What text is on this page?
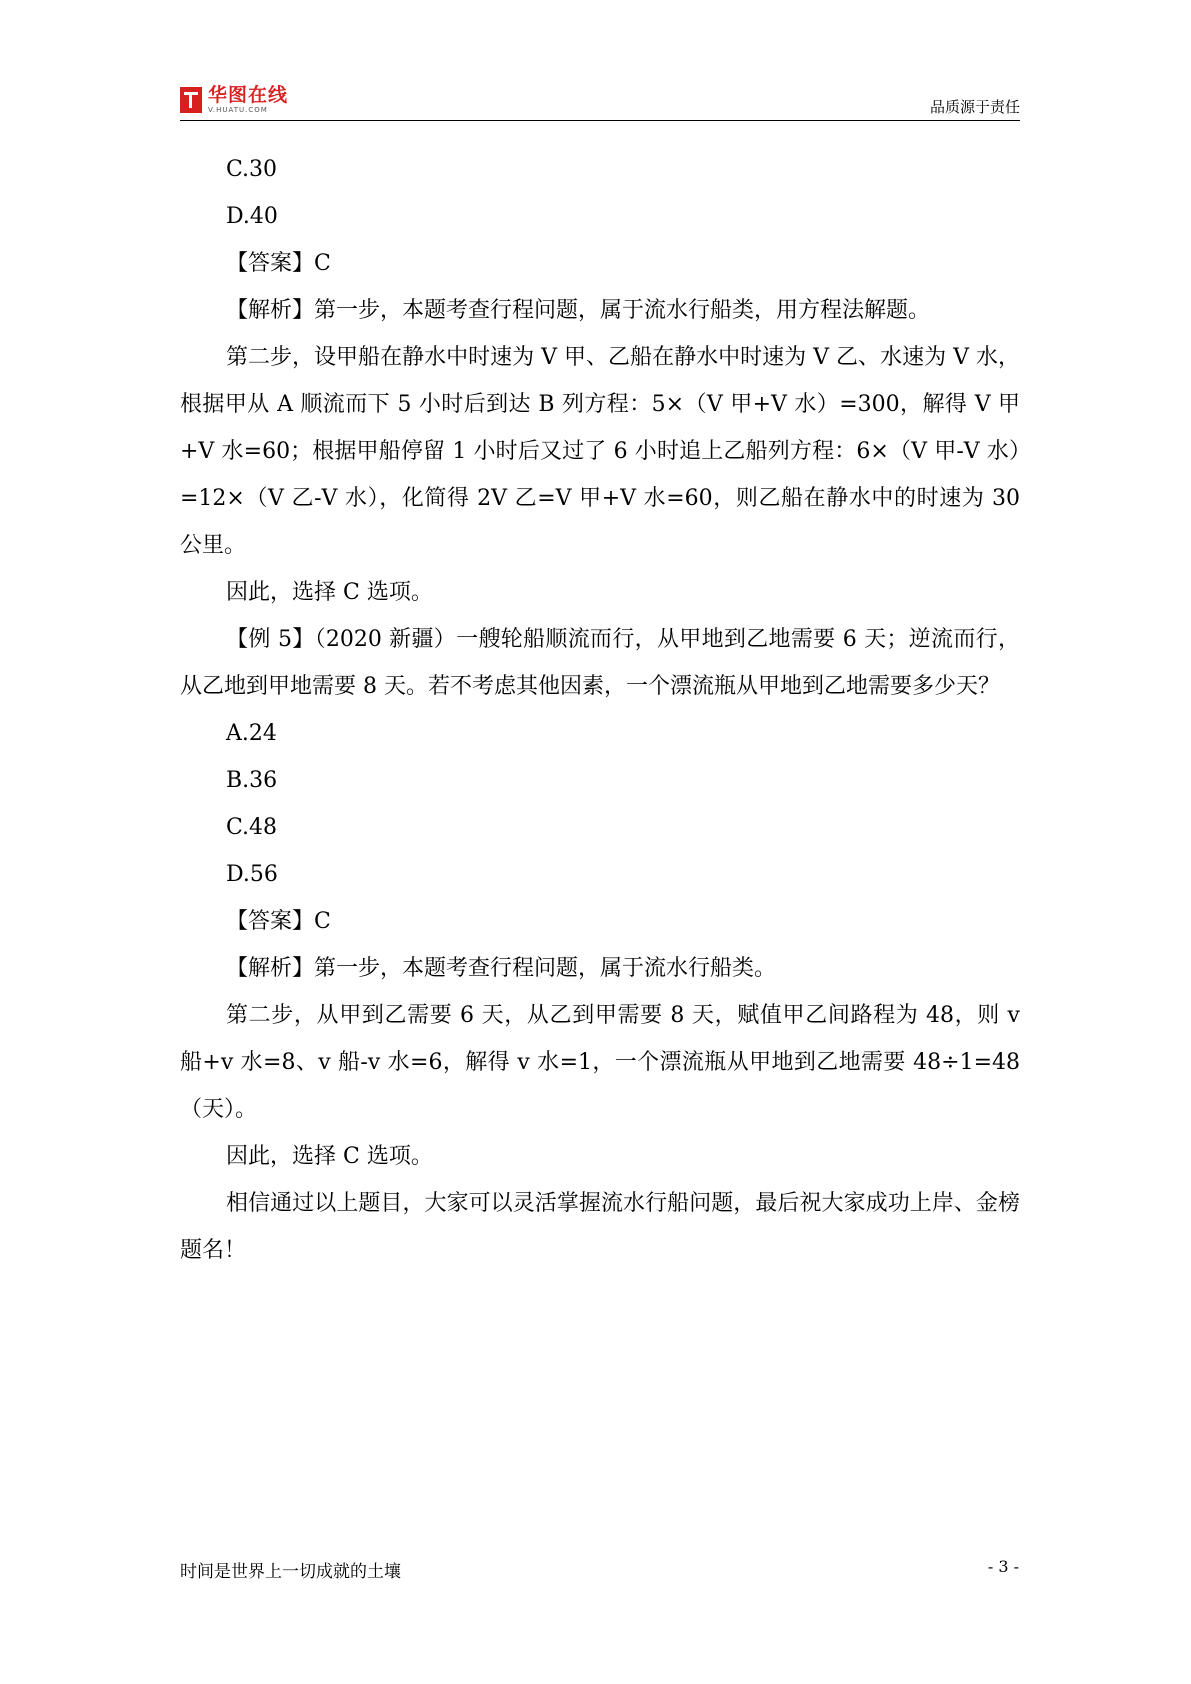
华图在线
V.HUATU.COM	品质源于责任

C.30

D.40

【答案】C

【解析】第一步，本题考查行程问题，属于流水行船类，用方程法解题。

第二步，设甲船在静水中时速为 V 甲、乙船在静水中时速为 V 乙、水速为 V 水，根据甲从 A 顺流而下 5 小时后到达 B 列方程：5×（V 甲+V 水）=300，解得 V 甲+V 水=60；根据甲船停留 1 小时后又过了 6 小时追上乙船列方程：6×（V 甲-V 水）=12×（V 乙-V 水），化简得 2V 乙=V 甲+V 水=60，则乙船在静水中的时速为 30 公里。

因此，选择 C 选项。

【例 5】（2020 新疆）一艘轮船顺流而行，从甲地到乙地需要 6 天；逆流而行，从乙地到甲地需要 8 天。若不考虑其他因素，一个漂流瓶从甲地到乙地需要多少天？

A.24

B.36

C.48

D.56

【答案】C

【解析】第一步，本题考查行程问题，属于流水行船类。

第二步，从甲到乙需要 6 天，从乙到甲需要 8 天，赋值甲乙间路程为 48，则 v 船+v 水=8、v 船-v 水=6，解得 v 水=1，一个漂流瓶从甲地到乙地需要 48÷1=48（天）。

因此，选择 C 选项。

相信通过以上题目，大家可以灵活掌握流水行船问题，最后祝大家成功上岸、金榜题名！

时间是世界上一切成就的土壤	- 3 -
